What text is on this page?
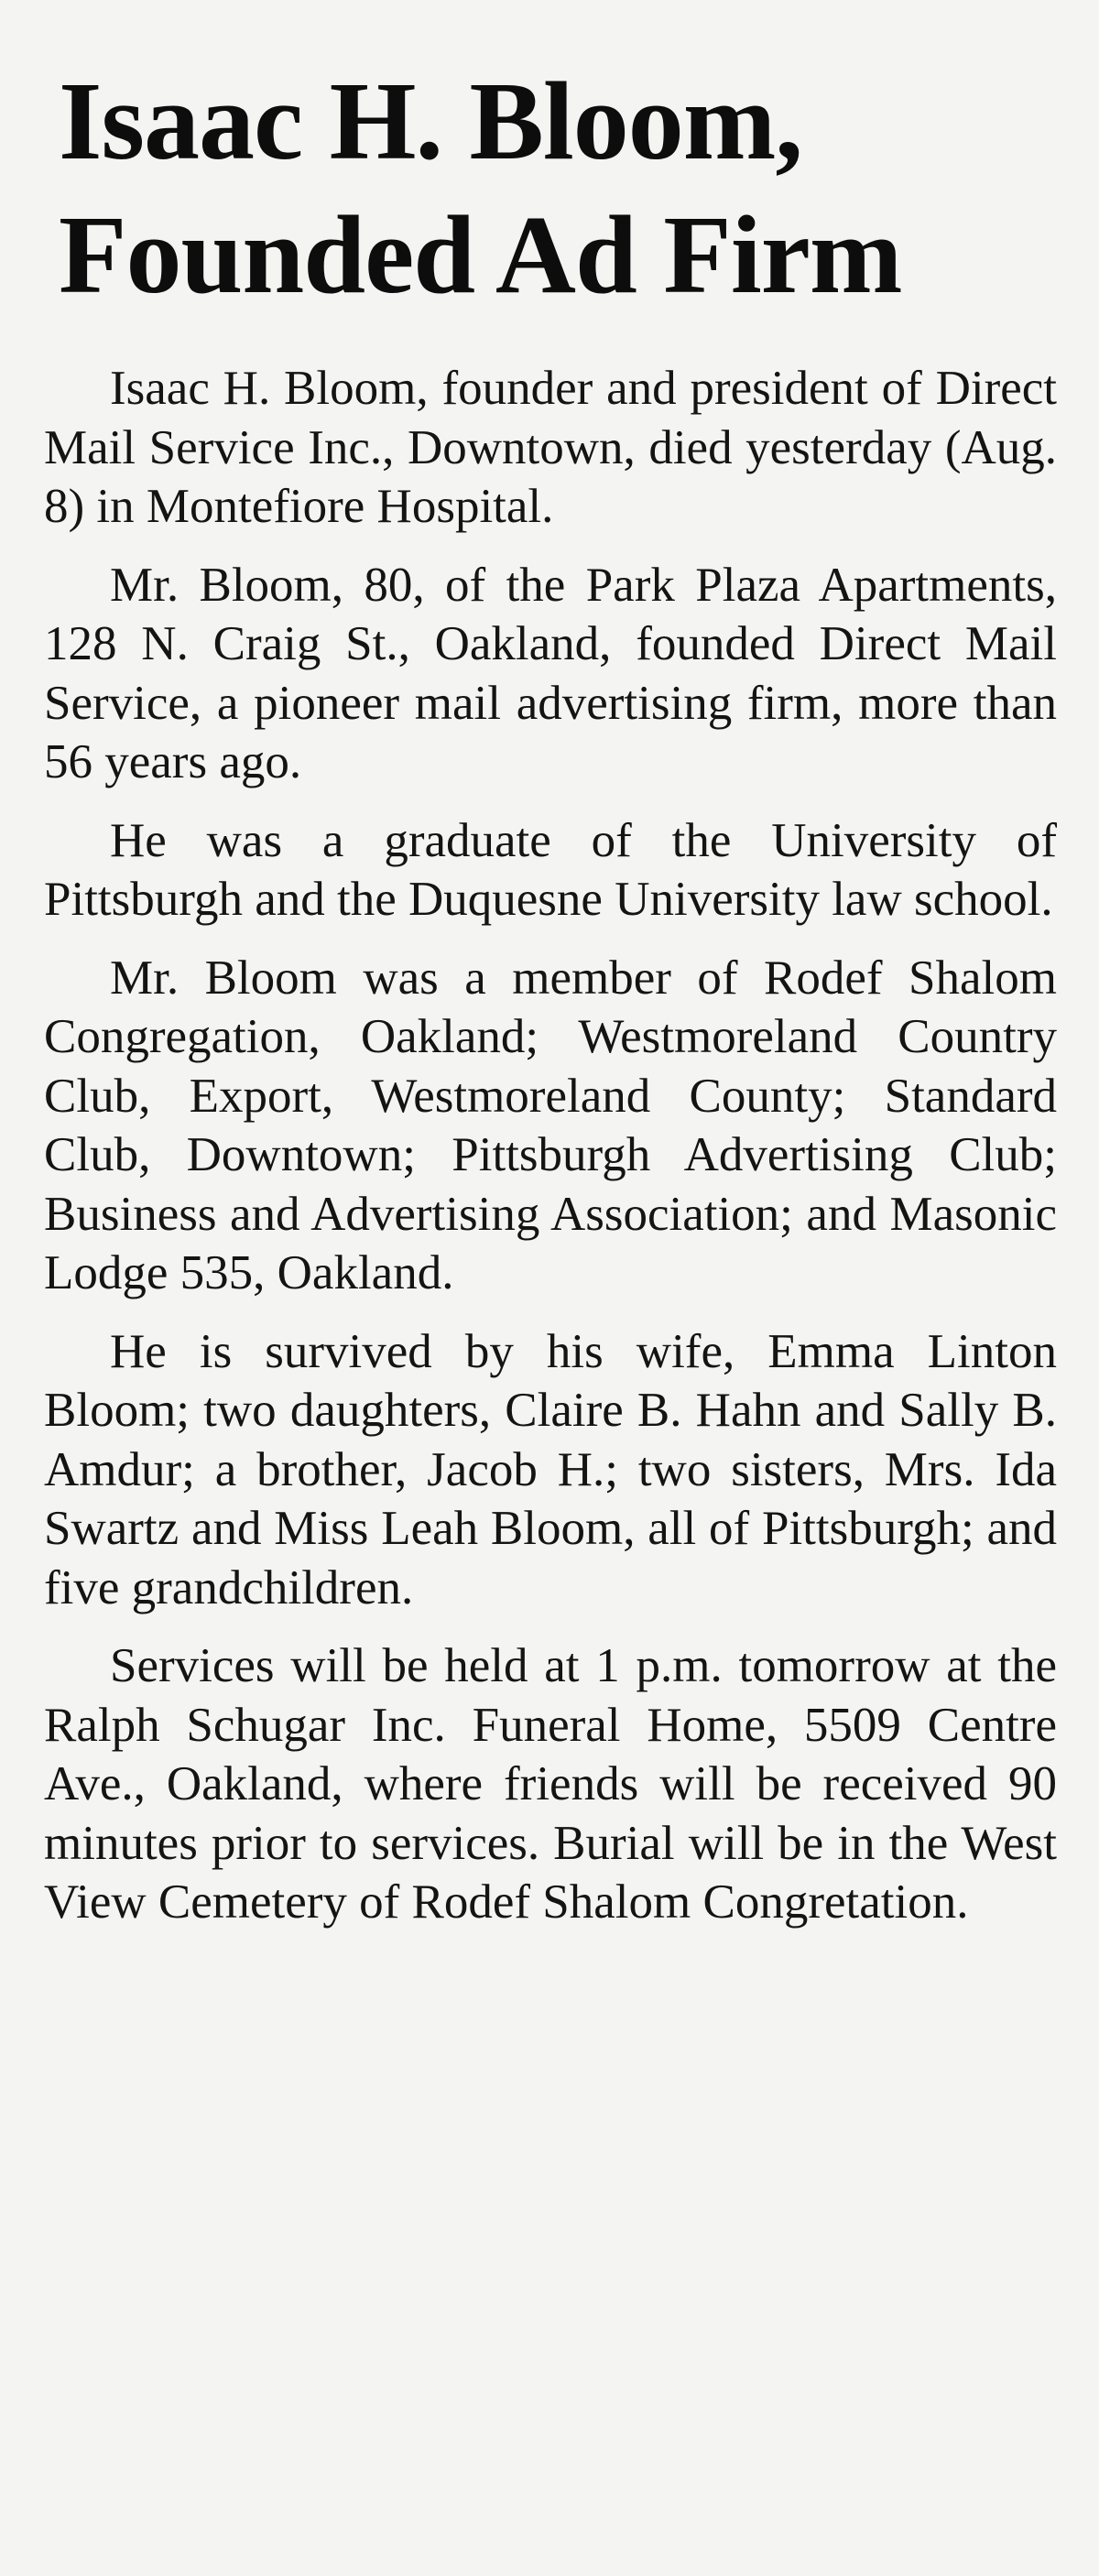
Isaac H. Bloom,
Founded Ad Firm

Isaac H. Bloom, founder and president of Direct Mail Service Inc., Downtown, died yesterday (Aug. 8) in Montefiore Hospital.

Mr. Bloom, 80, of the Park Plaza Apartments, 128 N. Craig St., Oakland, founded Direct Mail Service, a pioneer mail advertising firm, more than 56 years ago.

He was a graduate of the University of Pittsburgh and the Duquesne University law school.

Mr. Bloom was a member of Rodef Shalom Congregation, Oakland; Westmoreland Country Club, Export, Westmoreland County; Standard Club, Downtown; Pittsburgh Advertising Club; Business and Advertising Association; and Masonic Lodge 535, Oakland.

He is survived by his wife, Emma Linton Bloom; two daughters, Claire B. Hahn and Sally B. Amdur; a brother, Jacob H.; two sisters, Mrs. Ida Swartz and Miss Leah Bloom, all of Pittsburgh; and five grandchildren.

Services will be held at 1 p.m. tomorrow at the Ralph Schugar Inc. Funeral Home, 5509 Centre Ave., Oakland, where friends will be received 90 minutes prior to services. Burial will be in the West View Cemetery of Rodef Shalom Congretation.
